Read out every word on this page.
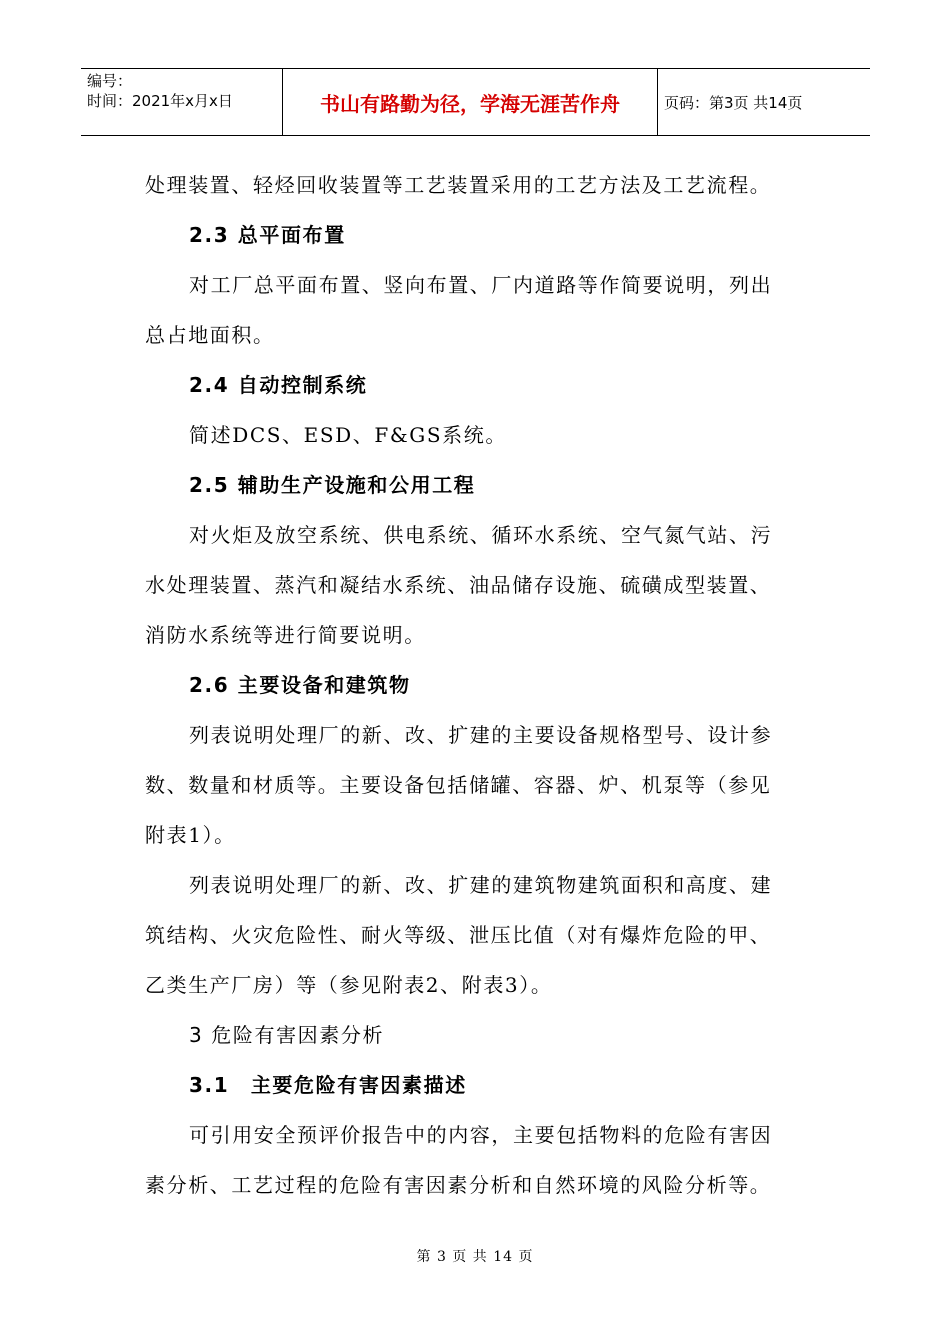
编号：
时间：2021年x月x日	书山有路勤为径，学海无涯苦作舟	页码：第3页 共14页

处理装置、轻烃回收装置等工艺装置采用的工艺方法及工艺流程。

2.3 总平面布置

对工厂总平面布置、竖向布置、厂内道路等作简要说明，列出

总占地面积。

2.4 自动控制系统

简述DCS、ESD、F&GS系统。

2.5 辅助生产设施和公用工程

对火炬及放空系统、供电系统、循环水系统、空气氮气站、污

水处理装置、蒸汽和凝结水系统、油品储存设施、硫磺成型装置、

消防水系统等进行简要说明。

2.6 主要设备和建筑物

列表说明处理厂的新、改、扩建的主要设备规格型号、设计参

数、数量和材质等。主要设备包括储罐、容器、炉、机泵等（参见

附表1）。

列表说明处理厂的新、改、扩建的建筑物建筑面积和高度、建

筑结构、火灾危险性、耐火等级、泄压比值（对有爆炸危险的甲、

乙类生产厂房）等（参见附表2、附表3）。

3 危险有害因素分析

3.1　主要危险有害因素描述

可引用安全预评价报告中的内容，主要包括物料的危险有害因

素分析、工艺过程的危险有害因素分析和自然环境的风险分析等。

第 3 页 共 14 页
